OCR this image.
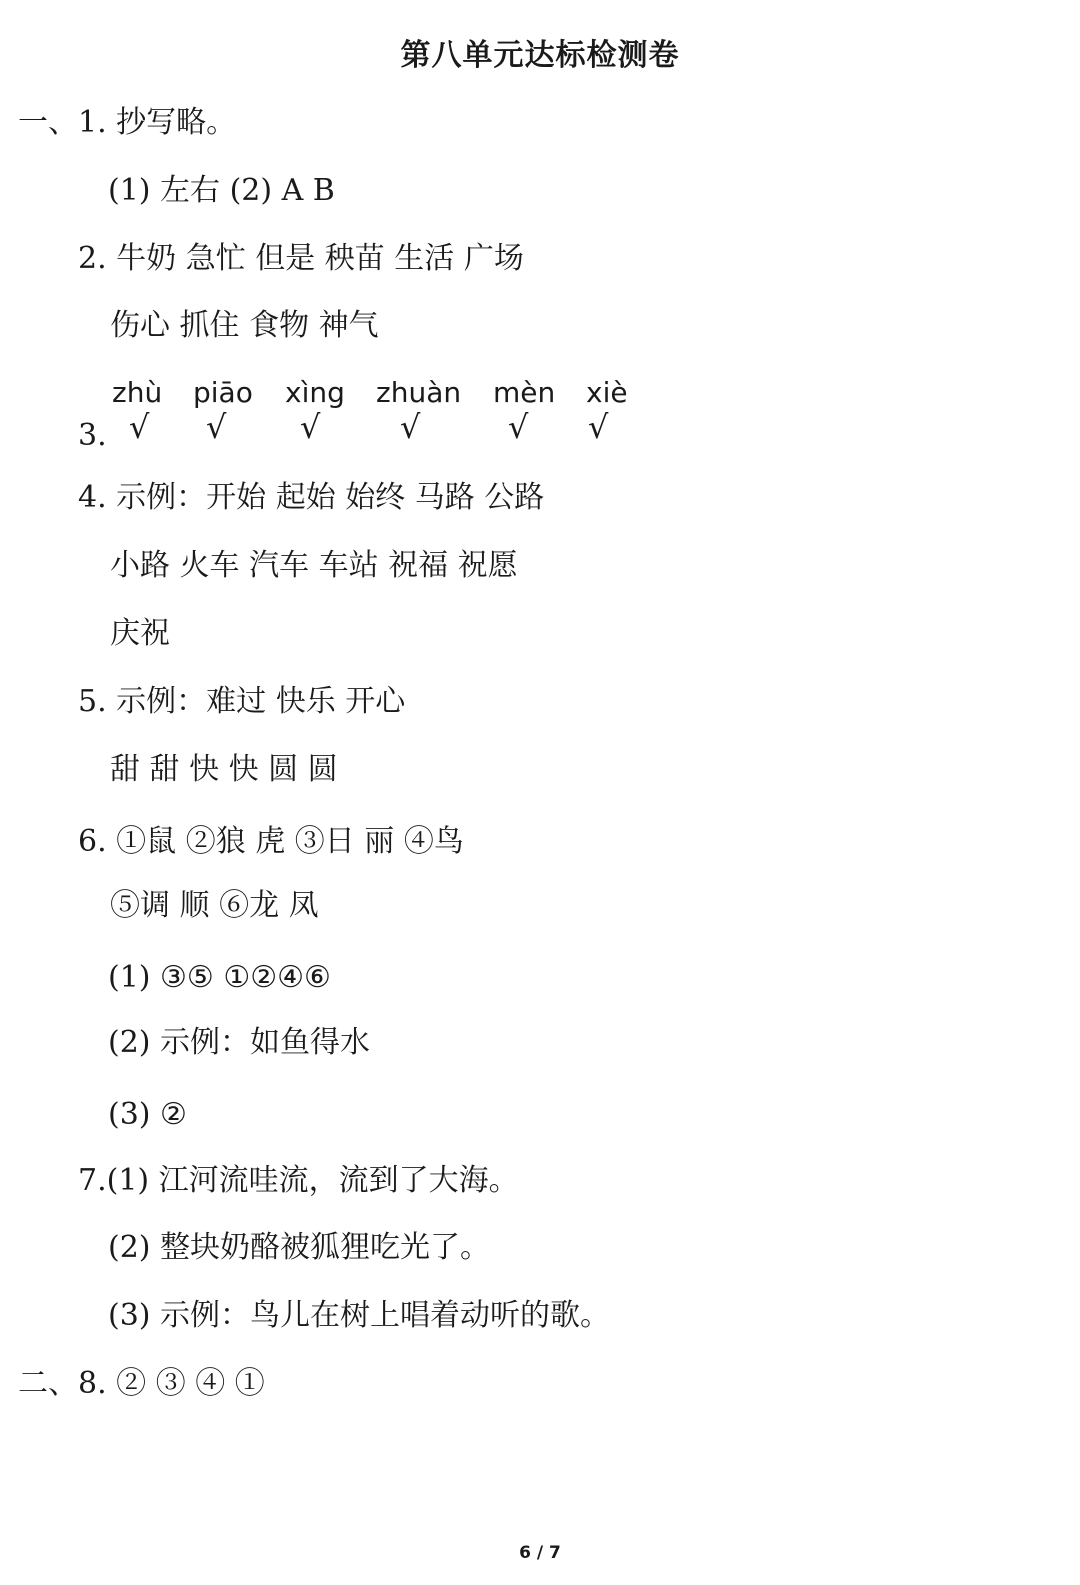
第八单元达标检测卷
一、1. 抄写略。
(1) 左右 (2) A B
2. 牛奶 急忙 但是 秧苗 生活 广场
伤心 抓住 食物 神气
zhù piāo xìng zhuàn mèn xiè
3. √ √ √ √	√ √
4. 示例：开始 起始 始终 马路 公路
小路 火车 汽车 车站 祝福 祝愿
庆祝
5. 示例：难过 快乐 开心
甜 甜 快 快 圆 圆
6. ①鼠 ②狼 虎 ③日 丽 ④鸟
⑤调 顺 ⑥龙 凤
(1) ③⑤ ①②④⑥
(2) 示例：如鱼得水
(3) ②
7.(1) 江河流哇流，流到了大海。
(2) 整块奶酪被狐狸吃光了。
(3) 示例：鸟儿在树上唱着动听的歌。
二、8. ② ③ ④ ①
6 / 7
